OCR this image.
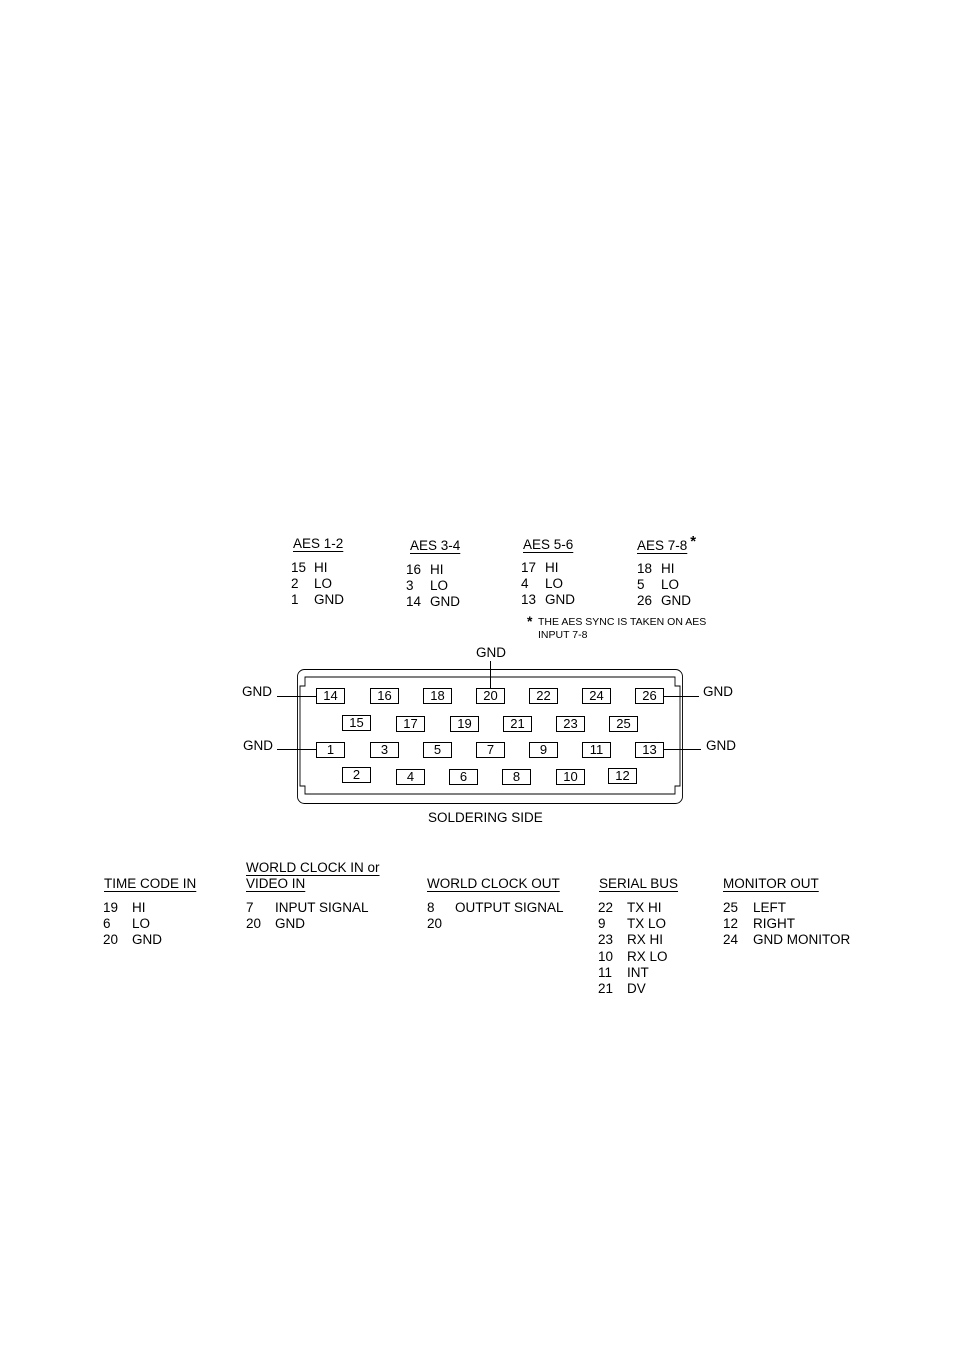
AES 1-2	AES 3-4	AES 5-6	AES 7-8 *
15 HI
2	LO
1	GND
16 HI
3	LO
14 GND
17 HI
4	LO
13 GND
18 HI
5	LO
26 GND
* THE AES SYNC IS TAKEN ON AES
INPUT 7-8
GND
GND
GND
GND
GND
14	16	18	20	22	24	26
15	17	19	21	23	25
1	3	5	7	9	11	13
2	4	6	8	10	12
SOLDERING SIDE
TIME CODE IN
WORLD CLOCK IN or
VIDEO IN	WORLD CLOCK OUT	SERIAL BUS	MONITOR OUT
19	HI
6	LO
20	GND
7	INPUT SIGNAL
20	GND
8	OUTPUT SIGNAL
20
22	TX HI
9	TX LO
23	RX HI
10	RX LO
11	INT
21	DV
25	LEFT
12	RIGHT
24	GND MONITOR
